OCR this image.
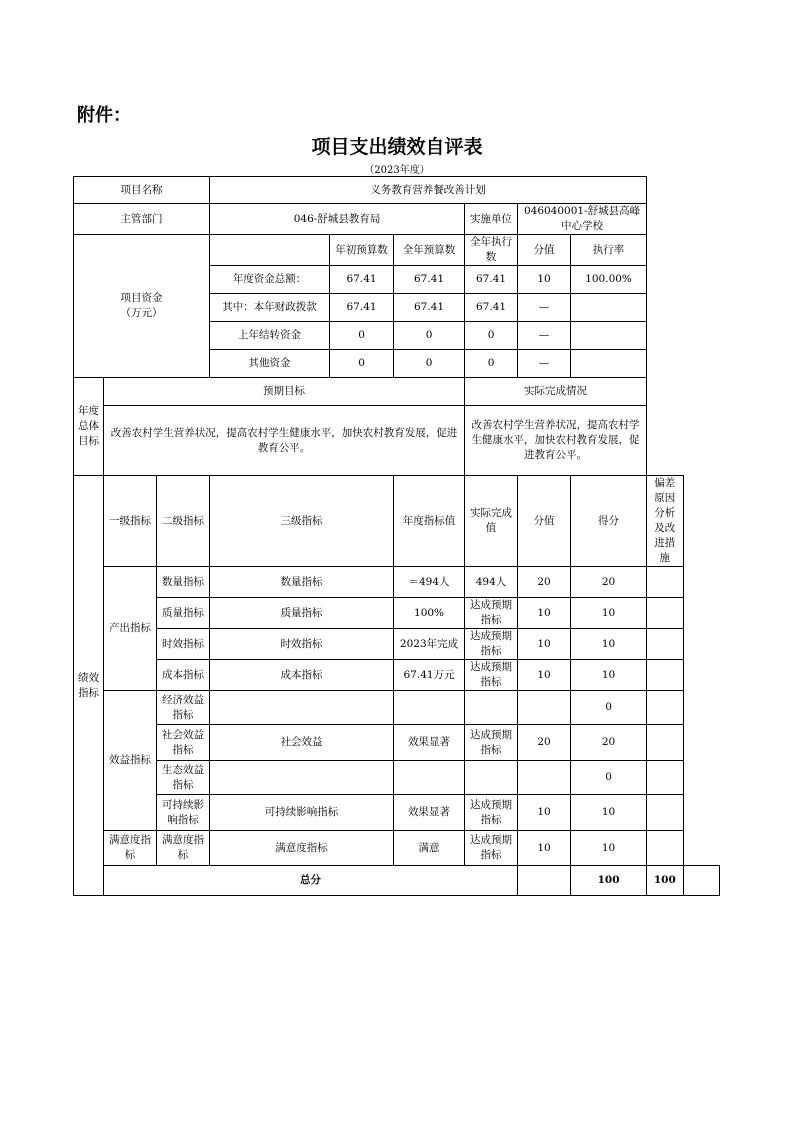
附件：
项目支出绩效自评表
（2023年度）
项目名称			义务教育营养餐改善计划							
主管部门			046-舒城县教育局			实施单位	046040001-舒城县高峰中心学校			
项目资金
（万元）				年初预算数	全年预算数	全年执行数	分值	执行率		
			年度资金总额：	67.41	67.41	67.41	10	100.00%		
			其中：本年财政拨款	67.41	67.41	67.41	—			
			上年结转资金	0	0	0	—			
			其他资金	0	0	0	—			
年度总体目标	预期目标					实际完成情况				
	改善农村学生营养状况，提高农村学生健康水平，加快农村教育发展，促进教育公平。					改善农村学生营养状况，提高农村学生健康水平，加快农村教育发展，促进教育公平。				
绩效指标	一级指标	二级指标	三级指标		年度指标值	实际完成值	分值	得分	偏差原因分析及改进措施	
	产出指标	数量指标	数量指标		＝494人	494人	20	20		
		质量指标	质量指标		100%	达成预期指标	10	10		
		时效指标	时效指标		2023年完成	达成预期指标	10	10		
		成本指标	成本指标		67.41万元	达成预期指标	10	10		
	效益指标	经济效益指标						0		
		社会效益指标	社会效益		效果显著	达成预期指标	20	20		
		生态效益指标						0		
		可持续影响指标	可持续影响指标		效果显著	达成预期指标	10	10		
	满意度指标	满意度指标	满意度指标		满意	达成预期指标	10	10		
	总分							100	100	
